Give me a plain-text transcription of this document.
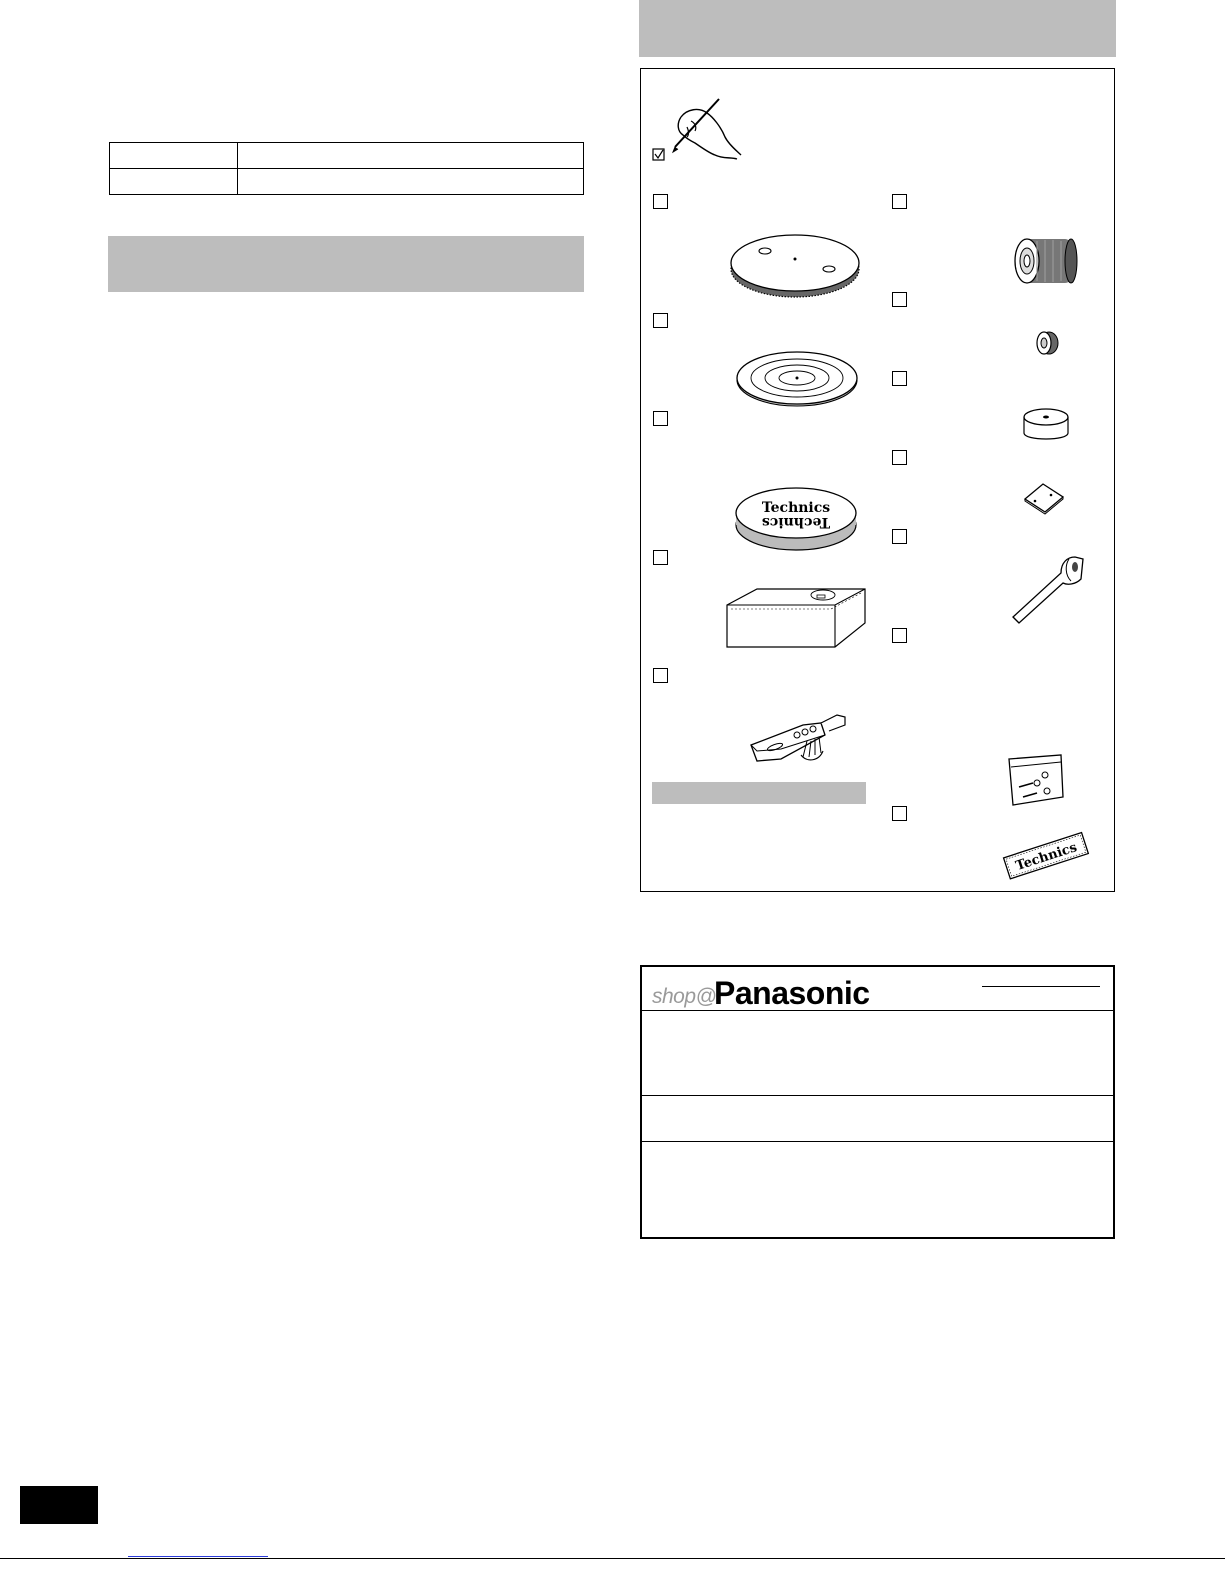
Technics
Technics
Technics
shop@
Panasonic
